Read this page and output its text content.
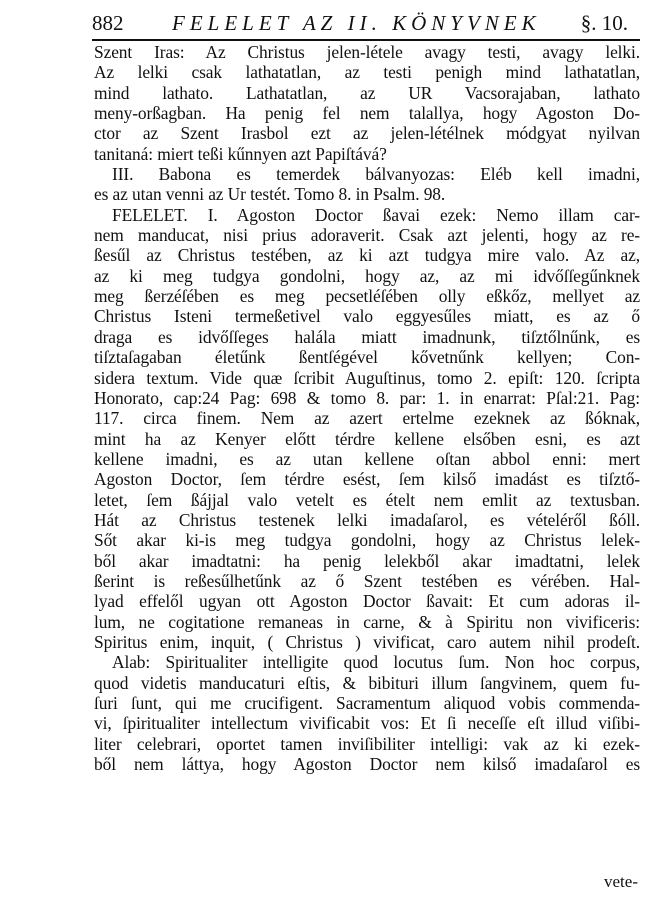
882 FELELET AZ II. KÖNYVNEK §. 10.
Szent Iras: Az Christus jelen-létele avagy testi, avagy lelki.
Az lelki csak lathatatlan, az testi penigh mind lathatatlan,
mind lathato. Lathatatlan, az UR Vacsorajaban, lathato
meny-orßagban. Ha penig fel nem talallya, hogy Agoston Do-
ctor az Szent Irasbol ezt az jelen-létélnek módgyat nyilvan
tanitaná: miert teßi kűnnyen azt Papiſtává?
III. Babona es temerdek bálvanyozas: Eléb kell imadni,
es az utan venni az Ur testét. Tomo 8. in Psalm. 98.
FELELET. I. Agoston Doctor ßavai ezek: Nemo illam car-
nem manducat, nisi prius adoraverit. Csak azt jelenti, hogy az re-
ßesűl az Christus testében, az ki azt tudgya mire valo. Az az,
az ki meg tudgya gondolni, hogy az, az mi idvőſſegűnknek
meg ßerzéſében es meg pecsetléſében olly eßkőz, mellyet az
Christus Isteni termeßetivel valo eggyesűles miatt, es az ő
draga es idvőſſeges halála miatt imadnunk, tiſztőlnűnk, es
tiſztaſagaban életűnk ßentſégével kővetnűnk kellyen; Con-
sidera textum. Vide quæ ſcribit Auguſtinus, tomo 2. epiſt: 120. ſcripta
Honorato, cap:24 Pag: 698 & tomo 8. par: 1. in enarrat: Pſal:21. Pag:
117. circa finem. Nem az azert ertelme ezeknek az ßóknak,
mint ha az Kenyer előtt térdre kellene elsőben esni, es azt
kellene imadni, es az utan kellene oſtan abbol enni: mert
Agoston Doctor, ſem térdre esést, ſem kilső imadást es tiſztő-
letet, ſem ßájjal valo vetelt es ételt nem emlit az textusban.
Hát az Christus testenek lelki imadaſarol, es vételéről ßóll.
Sőt akar ki-is meg tudgya gondolni, hogy az Christus lelek-
ből akar imadtatni: ha penig lelekből akar imadtatni, lelek
ßerint is reßesűlhetűnk az ő Szent testében es vérében. Hal-
lyad effelől ugyan ott Agoston Doctor ßavait: Et cum adoras il-
lum, ne cogitatione remaneas in carne, & à Spiritu non vivificeris:
Spiritus enim, inquit, ( Christus ) vivificat, caro autem nihil prodeſt.
Alab: Spiritualiter intelligite quod locutus ſum. Non hoc corpus,
quod videtis manducaturi eſtis, & bibituri illum ſangvinem, quem fu-
ſuri ſunt, qui me crucifigent. Sacramentum aliquod vobis commenda-
vi, ſpiritualiter intellectum vivificabit vos: Et ſi neceſſe eſt illud viſibi-
liter celebrari, oportet tamen inviſibiliter intelligi: vak az ki ezek-
ből nem láttya, hogy Agoston Doctor nem kilső imadaſarol es
vete-
